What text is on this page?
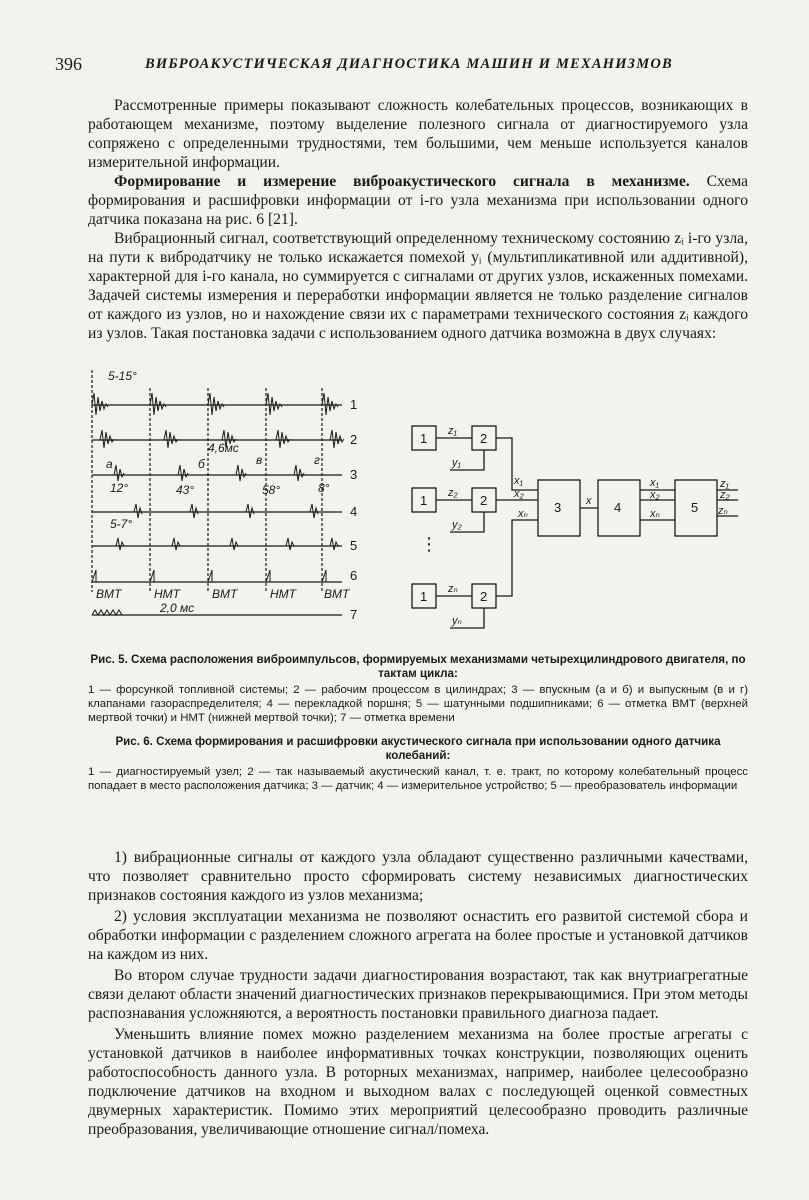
396	ВИБРОАКУСТИЧЕСКАЯ ДИАГНОСТИКА МАШИН И МЕХАНИЗМОВ

Рассмотренные примеры показывают сложность колебательных процессов, возникающих в работающем механизме, поэтому выделение полезного сигнала от диагностируемого узла сопряжено с определенными трудностями, тем большими, чем меньше используется каналов измерительной информации.

Формирование и измерение виброакустического сигнала в механизме. Схема формирования и расшифровки информации от i-го узла механизма при использовании одного датчика показана на рис. 6 [21].

Вибрационный сигнал, соответствующий определенному техническому состоянию zᵢ i-го узла, на пути к вибродатчику не только искажается помехой yᵢ (мультипликативной или аддитивной), характерной для i-го канала, но суммируется с сигналами от других узлов, искаженных помехами. Задачей системы измерения и переработки информации является не только разделение сигналов от каждого из узлов, но и нахождение связи их с параметрами технического состояния zᵢ каждого из узлов. Такая постановка задачи с использованием одного датчика возможна в двух случаях:

1
2
3
4
5
6
7
5-15°
а	б	в	г
12°	43°
4,6мс
58°	8°
5-7°
2,0 мс
ВМТ	НМТ	ВМТ	НМТ ВМТ
1	2
1	2
1	2
3	4	5
z₁
z₂
zₙ
y₁
y₂
yₙ
x₁
x₂
xₙ
x
x₁
x₂
xₙ
z₁
z₂
zₙ
⋮

Рис. 5. Схема расположения виброимпульсов, формируемых механизмами четырехцилиндрового двигателя, по тактам цикла:

1 — форсункой топливной системы; 2 — рабочим процессом в цилиндрах; 3 — впускным (а и б) и выпускным (в и г) клапанами газораспределителя; 4 — перекладкой поршня; 5 — шатунными подшипниками; 6 — отметка ВМТ (верхней мертвой точки) и НМТ (нижней мертвой точки); 7 — отметка времени

Рис. 6. Схема формирования и расшифровки акустического сигнала при использовании одного датчика колебаний:

1 — диагностируемый узел; 2 — так называемый акустический канал, т. е. тракт, по которому колебательный процесс попадает в место расположения датчика; 3 — датчик; 4 — измерительное устройство; 5 — преобразователь информации

1) вибрационные сигналы от каждого узла обладают существенно различными качествами, что позволяет сравнительно просто сформировать систему независимых диагностических признаков состояния каждого из узлов механизма;

2) условия эксплуатации механизма не позволяют оснастить его развитой системой сбора и обработки информации с разделением сложного агрегата на более простые и установкой датчиков на каждом из них.

Во втором случае трудности задачи диагностирования возрастают, так как внутриагрегатные связи делают области значений диагностических признаков перекрывающимися. При этом методы распознавания усложняются, а вероятность постановки правильного диагноза падает.

Уменьшить влияние помех можно разделением механизма на более простые агрегаты с установкой датчиков в наиболее информативных точках конструкции, позволяющих оценить работоспособность данного узла. В роторных механизмах, например, наиболее целесообразно подключение датчиков на входном и выходном валах с последующей оценкой совместных двумерных характеристик. Помимо этих мероприятий целесообразно проводить различные преобразования, увеличивающие отношение сигнал/помеха.
